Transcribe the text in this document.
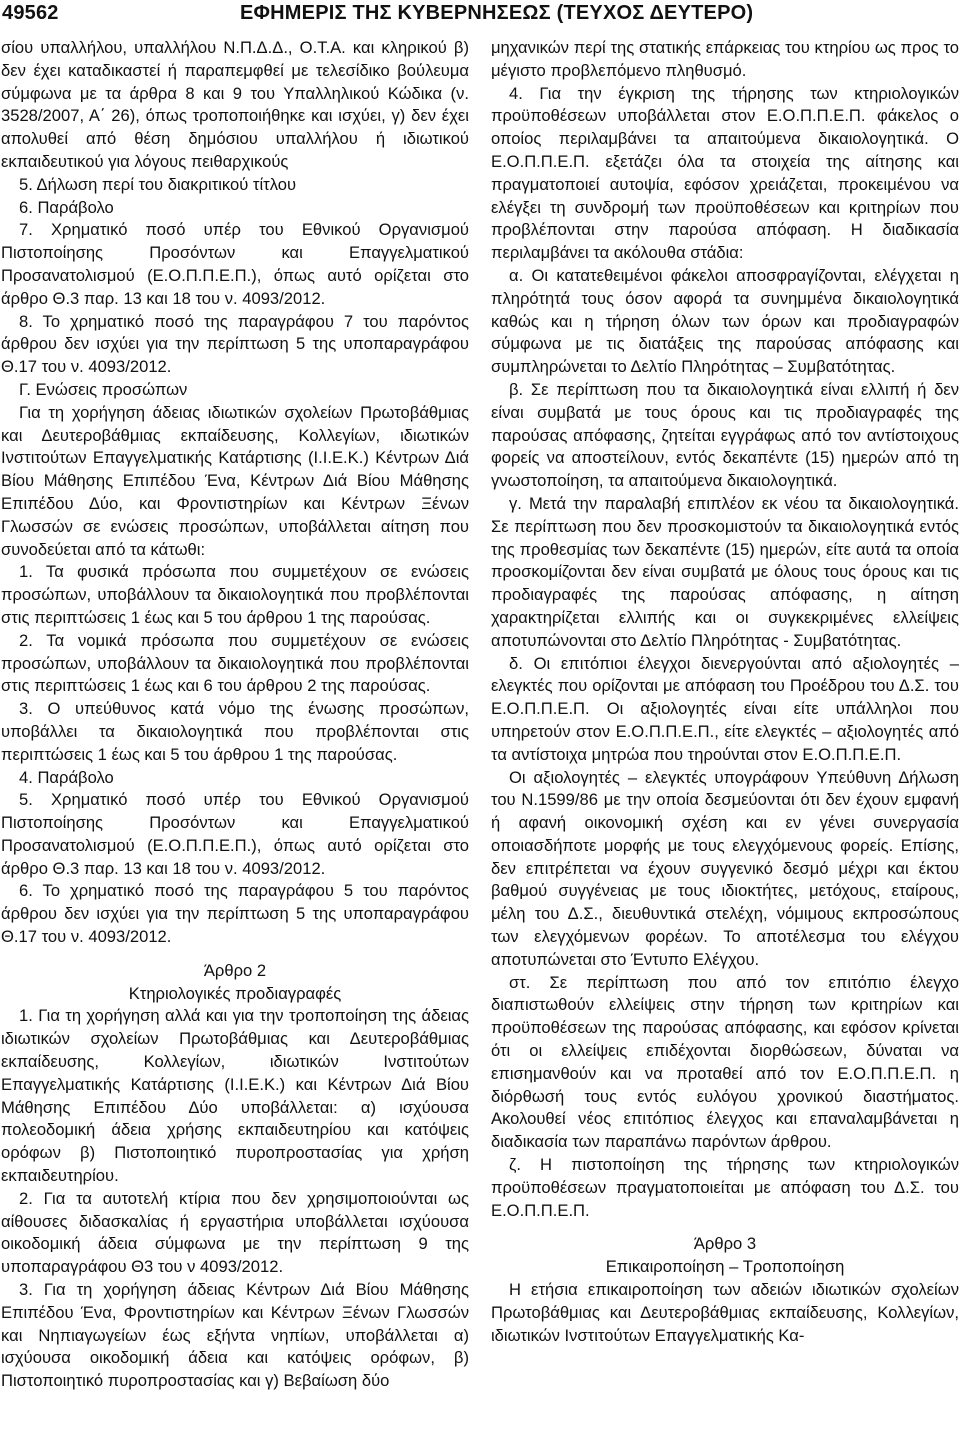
49562	ΕΦΗΜΕΡΙΣ ΤΗΣ ΚΥΒΕΡΝΗΣΕΩΣ (ΤΕΥΧΟΣ ΔΕΥΤΕΡΟ)

σίου υπαλλήλου, υπαλλήλου Ν.Π.Δ.Δ., Ο.Τ.Α. και κληρικού β) δεν έχει καταδικαστεί ή παραπεμφθεί με τελεσίδικο βούλευμα σύμφωνα με τα άρθρα 8 και 9 του Υπαλληλικού Κώδικα (ν. 3528/2007, Α΄ 26), όπως τροποποιήθηκε και ισχύει, γ) δεν έχει απολυθεί από θέση δημόσιου υπαλλήλου ή ιδιωτικού εκπαιδευτικού για λόγους πειθαρχικούς

5. Δήλωση περί του διακριτικού τίτλου

6. Παράβολο

7. Χρηματικό ποσό υπέρ του Εθνικού Οργανισμού Πιστοποίησης Προσόντων και Επαγγελματικού Προσανατολισμού (Ε.Ο.Π.Π.Ε.Π.), όπως αυτό ορίζεται στο άρθρο Θ.3 παρ. 13 και 18 του ν. 4093/2012.

8. Το χρηματικό ποσό της παραγράφου 7 του παρόντος άρθρου δεν ισχύει για την περίπτωση 5 της υποπαραγράφου Θ.17 του ν. 4093/2012.

Γ. Ενώσεις προσώπων

Για τη χορήγηση άδειας ιδιωτικών σχολείων Πρωτοβάθμιας και Δευτεροβάθμιας εκπαίδευσης, Κολλεγίων, ιδιωτικών Ινστιτούτων Επαγγελματικής Κατάρτισης (Ι.Ι.Ε.Κ.) Κέντρων Διά Βίου Μάθησης Επιπέδου Ένα, Κέντρων Διά Βίου Μάθησης Επιπέδου Δύο, και Φροντιστηρίων και Κέντρων Ξένων Γλωσσών σε ενώσεις προσώπων, υποβάλλεται αίτηση που συνοδεύεται από τα κάτωθι:

1. Τα φυσικά πρόσωπα που συμμετέχουν σε ενώσεις προσώπων, υποβάλλουν τα δικαιολογητικά που προβλέπονται στις περιπτώσεις 1 έως και 5 του άρθρου 1 της παρούσας.

2. Τα νομικά πρόσωπα που συμμετέχουν σε ενώσεις προσώπων, υποβάλλουν τα δικαιολογητικά που προβλέπονται στις περιπτώσεις 1 έως και 6 του άρθρου 2 της παρούσας.

3. Ο υπεύθυνος κατά νόμο της ένωσης προσώπων, υποβάλλει τα δικαιολογητικά που προβλέπονται στις περιπτώσεις 1 έως και 5 του άρθρου 1 της παρούσας.

4. Παράβολο

5. Χρηματικό ποσό υπέρ του Εθνικού Οργανισμού Πιστοποίησης Προσόντων και Επαγγελματικού Προσανατολισμού (Ε.Ο.Π.Π.Ε.Π.), όπως αυτό ορίζεται στο άρθρο Θ.3 παρ. 13 και 18 του ν. 4093/2012.

6. Το χρηματικό ποσό της παραγράφου 5 του παρόντος άρθρου δεν ισχύει για την περίπτωση 5 της υποπαραγράφου Θ.17 του ν. 4093/2012.

Άρθρο 2

Κτηριολογικές προδιαγραφές

1. Για τη χορήγηση αλλά και για την τροποποίηση της άδειας ιδιωτικών σχολείων Πρωτοβάθμιας και Δευτεροβάθμιας εκπαίδευσης, Κολλεγίων, ιδιωτικών Ινστιτούτων Επαγγελματικής Κατάρτισης (Ι.Ι.Ε.Κ.) και Κέντρων Διά Βίου Μάθησης Επιπέδου Δύο υποβάλλεται: α) ισχύουσα πολεοδομική άδεια χρήσης εκπαιδευτηρίου και κατόψεις ορόφων β) Πιστοποιητικό πυροπροστασίας για χρήση εκπαιδευτηρίου.

2. Για τα αυτοτελή κτίρια που δεν χρησιμοποιούνται ως αίθουσες διδασκαλίας ή εργαστήρια υποβάλλεται ισχύουσα οικοδομική άδεια σύμφωνα με την περίπτωση 9 της υποπαραγράφου Θ3 του ν 4093/2012.

3. Για τη χορήγηση άδειας Κέντρων Διά Βίου Μάθησης Επιπέδου Ένα, Φροντιστηρίων και Κέντρων Ξένων Γλωσσών και Νηπιαγωγείων έως εξήντα νηπίων, υποβάλλεται α) ισχύουσα οικοδομική άδεια και κατόψεις ορόφων, β) Πιστοποιητικό πυροπροστασίας και γ) Βεβαίωση δύο

μηχανικών περί της στατικής επάρκειας του κτηρίου ως προς το μέγιστο προβλεπόμενο πληθυσμό.

4. Για την έγκριση της τήρησης των κτηριολογικών προϋποθέσεων υποβάλλεται στον Ε.Ο.Π.Π.Ε.Π. φάκελος ο οποίος περιλαμβάνει τα απαιτούμενα δικαιολογητικά. Ο Ε.Ο.Π.Π.Ε.Π. εξετάζει όλα τα στοιχεία της αίτησης και πραγματοποιεί αυτοψία, εφόσον χρειάζεται, προκειμένου να ελέγξει τη συνδρομή των προϋποθέσεων και κριτηρίων που προβλέπονται στην παρούσα απόφαση. Η διαδικασία περιλαμβάνει τα ακόλουθα στάδια:

α. Οι κατατεθειμένοι φάκελοι αποσφραγίζονται, ελέγχεται η πληρότητά τους όσον αφορά τα συνημμένα δικαιολογητικά καθώς και η τήρηση όλων των όρων και προδιαγραφών σύμφωνα με τις διατάξεις της παρούσας απόφασης και συμπληρώνεται το Δελτίο Πληρότητας – Συμβατότητας.

β. Σε περίπτωση που τα δικαιολογητικά είναι ελλιπή ή δεν είναι συμβατά με τους όρους και τις προδιαγραφές της παρούσας απόφασης, ζητείται εγγράφως από τον αντίστοιχους φορείς να αποστείλουν, εντός δεκαπέντε (15) ημερών από τη γνωστοποίηση, τα απαιτούμενα δικαιολογητικά.

γ. Μετά την παραλαβή επιπλέον εκ νέου τα δικαιολογητικά. Σε περίπτωση που δεν προσκομιστούν τα δικαιολογητικά εντός της προθεσμίας των δεκαπέντε (15) ημερών, είτε αυτά τα οποία προσκομίζονται δεν είναι συμβατά με όλους τους όρους και τις προδιαγραφές της παρούσας απόφασης, η αίτηση χαρακτηρίζεται ελλιπής και οι συγκεκριμένες ελλείψεις αποτυπώνονται στο Δελτίο Πληρότητας - Συμβατότητας.

δ. Οι επιτόπιοι έλεγχοι διενεργούνται από αξιολογητές – ελεγκτές που ορίζονται με απόφαση του Προέδρου του Δ.Σ. του Ε.Ο.Π.Π.Ε.Π. Οι αξιολογητές είναι είτε υπάλληλοι που υπηρετούν στον Ε.Ο.Π.Π.Ε.Π., είτε ελεγκτές – αξιολογητές από τα αντίστοιχα μητρώα που τηρούνται στον Ε.Ο.Π.Π.Ε.Π.

Οι αξιολογητές – ελεγκτές υπογράφουν Υπεύθυνη Δήλωση του Ν.1599/86 με την οποία δεσμεύονται ότι δεν έχουν εμφανή ή αφανή οικονομική σχέση και εν γένει συνεργασία οποιασδήποτε μορφής με τους ελεγχόμενους φορείς. Επίσης, δεν επιτρέπεται να έχουν συγγενικό δεσμό μέχρι και έκτου βαθμού συγγένειας με τους ιδιοκτήτες, μετόχους, εταίρους, μέλη του Δ.Σ., διευθυντικά στελέχη, νόμιμους εκπροσώπους των ελεγχόμενων φορέων. Το αποτέλεσμα του ελέγχου αποτυπώνεται στο Έντυπο Ελέγχου.

στ. Σε περίπτωση που από τον επιτόπιο έλεγχο διαπιστωθούν ελλείψεις στην τήρηση των κριτηρίων και προϋποθέσεων της παρούσας απόφασης, και εφόσον κρίνεται ότι οι ελλείψεις επιδέχονται διορθώσεων, δύναται να επισημανθούν και να προταθεί από τον Ε.Ο.Π.Π.Ε.Π. η διόρθωσή τους εντός ευλόγου χρονικού διαστήματος. Ακολουθεί νέος επιτόπιος έλεγχος και επαναλαμβάνεται η διαδικασία των παραπάνω παρόντων άρθρου.

ζ. Η πιστοποίηση της τήρησης των κτηριολογικών προϋποθέσεων πραγματοποιείται με απόφαση του Δ.Σ. του Ε.Ο.Π.Π.Ε.Π.

Άρθρο 3

Επικαιροποίηση – Τροποποίηση

Η ετήσια επικαιροποίηση των αδειών ιδιωτικών σχολείων Πρωτοβάθμιας και Δευτεροβάθμιας εκπαίδευσης, Κολλεγίων, ιδιωτικών Ινστιτούτων Επαγγελματικής Κα-
